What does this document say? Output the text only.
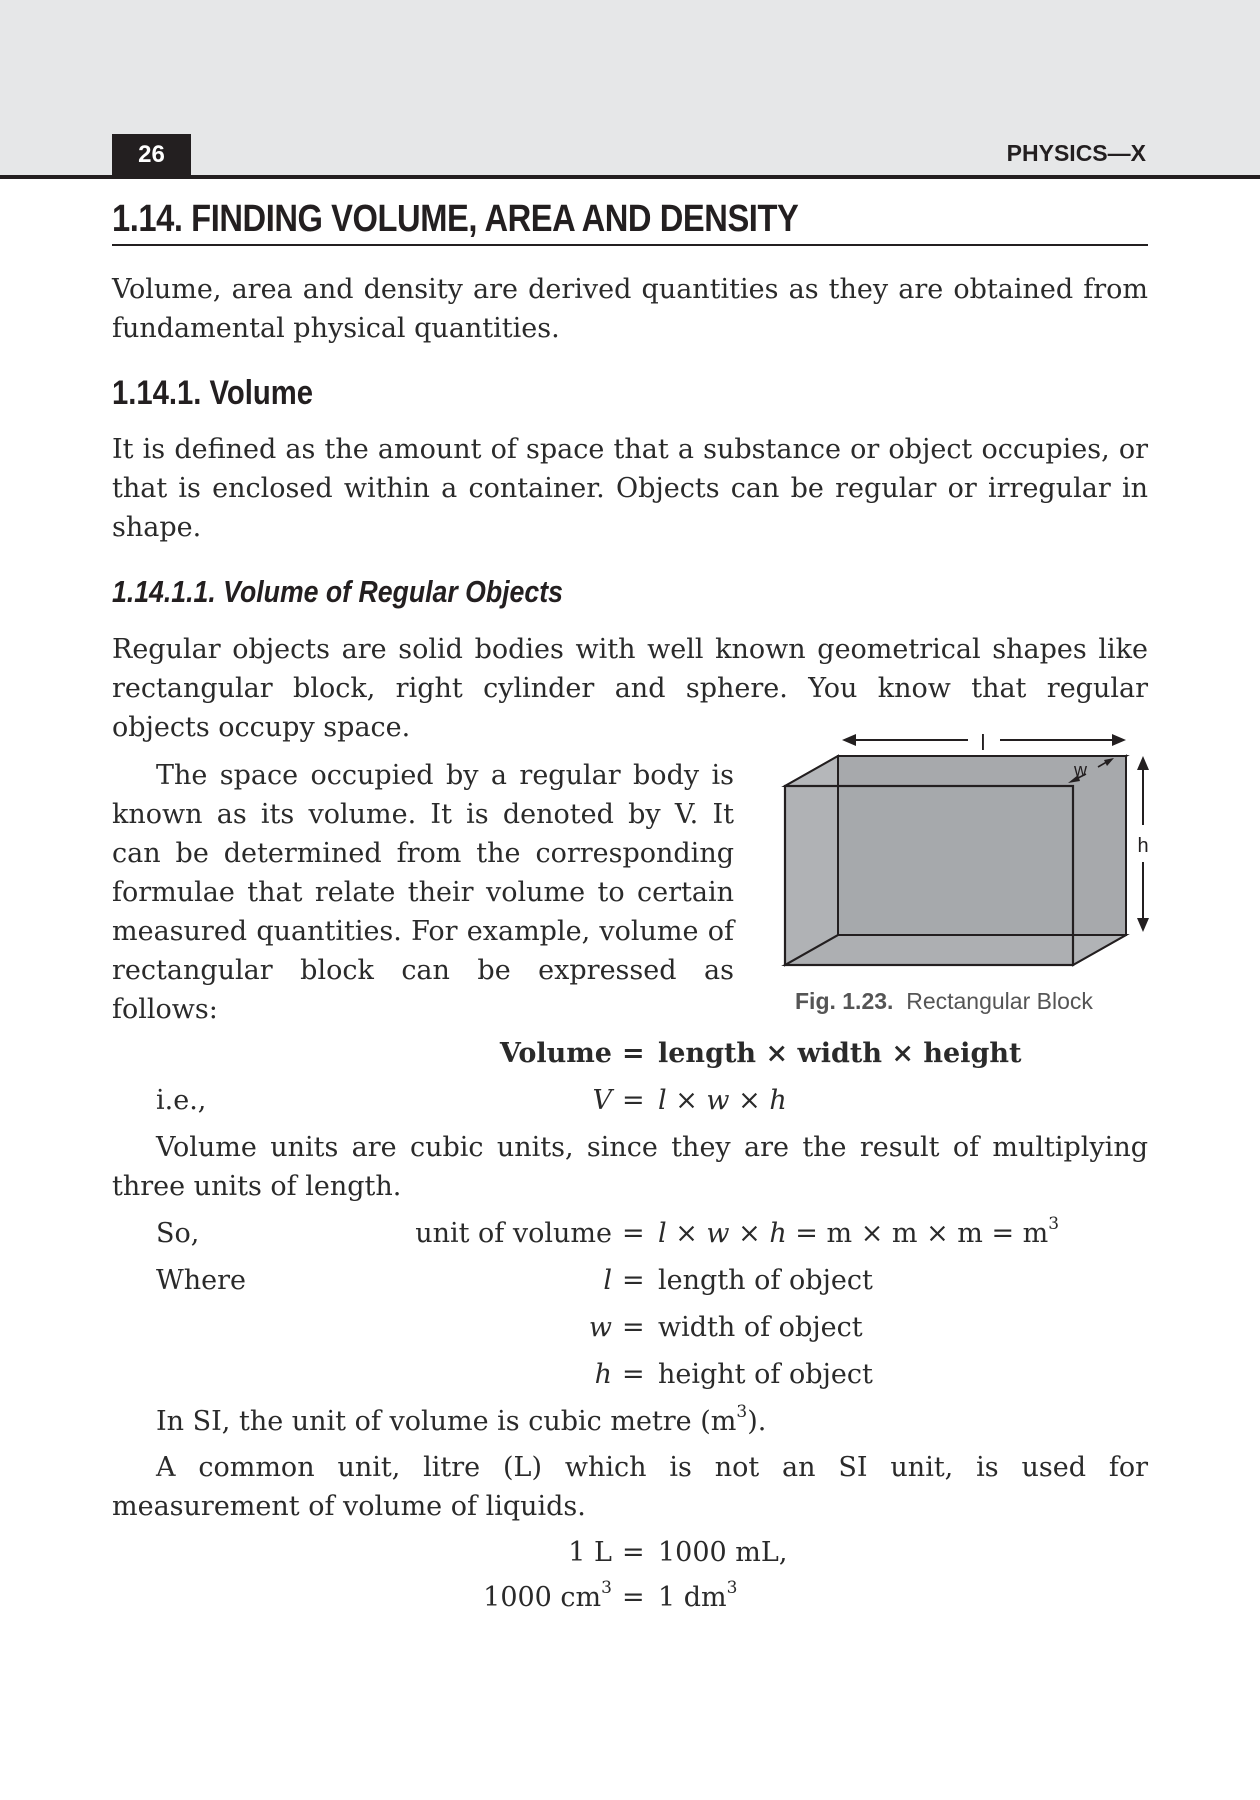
26	PHYSICS—X
1.14. FINDING VOLUME, AREA AND DENSITY
Volume, area and density are derived quantities as they are obtained from fundamental physical quantities.
1.14.1. Volume
It is defined as the amount of space that a substance or object occupies, or that is enclosed within a container. Objects can be regular or irregular in shape.
1.14.1.1. Volume of Regular Objects
Regular objects are solid bodies with well known geometrical shapes like rectangular block, right cylinder and sphere. You know that regular objects occupy space.
The space occupied by a regular body is known as its volume. It is denoted by V. It can be determined from the corresponding formulae that relate their volume to certain measured quantities. For example, volume of rectangular block can be expressed as follows:
l
w
h
Fig. 1.23. Rectangular Block
Volume = length × width × height
i.e.,	V = l × w × h
Volume units are cubic units, since they are the result of multiplying three units of length.
So,	unit of volume = $l \times w \times h = m \times m \times m = m^3$
Where	l = length of object
w = width of object
h = height of object
In SI, the unit of volume is cubic metre $(m^3)$.
A common unit, litre (L) which is not an SI unit, is used for measurement of volume of liquids.
1 L = 1000 mL,
1000 $cm^3 = 1$ $dm^3$
